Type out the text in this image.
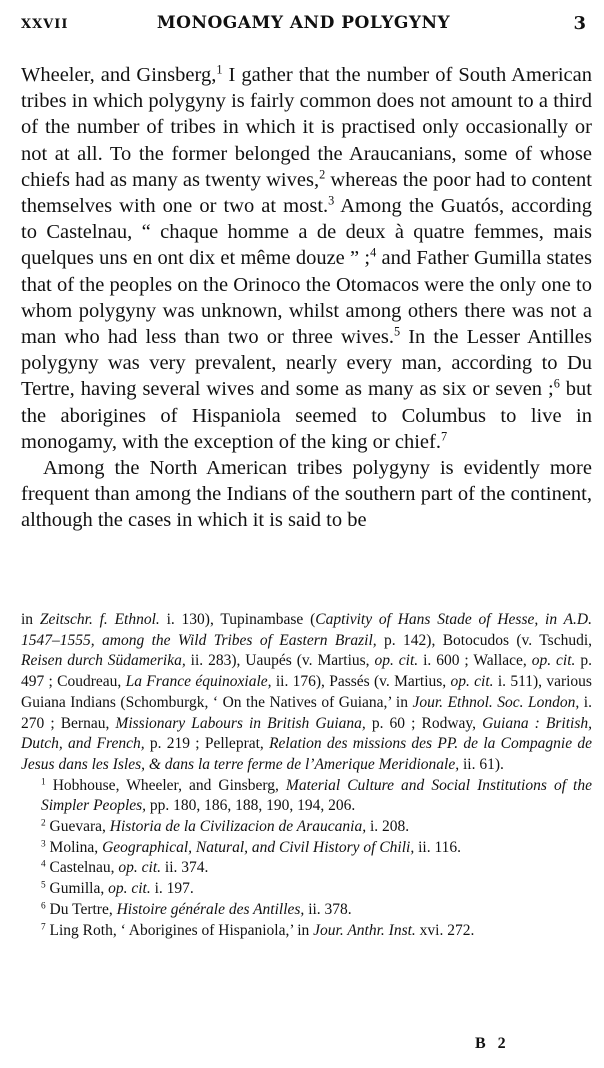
XXVII	MONOGAMY AND POLYGYNY	3

Wheeler, and Ginsberg,$^1$ I gather that the number of South American tribes in which polygyny is fairly common does not amount to a third of the number of tribes in which it is practised only occasionally or not at all. To the former belonged the Araucanians, some of whose chiefs had as many as twenty wives,$^2$ whereas the poor had to content themselves with one or two at most.$^3$ Among the Guatós, according to Castelnau, “ chaque homme a de deux à quatre femmes, mais quelques uns en ont dix et même douze ” ;$^4$ and Father Gumilla states that of the peoples on the Orinoco the Otomacos were the only one to whom polygyny was unknown, whilst among others there was not a man who had less than two or three wives.$^5$ In the Lesser Antilles polygyny was very prevalent, nearly every man, according to Du Tertre, having several wives and some as many as six or seven ;$^6$ but the aborigines of Hispaniola seemed to Columbus to live in monogamy, with the exception of the king or chief.$^7$

Among the North American tribes polygyny is evidently more frequent than among the Indians of the southern part of the continent, although the cases in which it is said to be

in Zeitschr. f. Ethnol. i. 130), Tupinambase (Captivity of Hans Stade of Hesse, in A.D. 1547–1555, among the Wild Tribes of Eastern Brazil, p. 142), Botocudos (v. Tschudi, Reisen durch Südamerika, ii. 283), Uaupés (v. Martius, op. cit. i. 600 ; Wallace, op. cit. p. 497 ; Coudreau, La France équinoxiale, ii. 176), Passés (v. Martius, op. cit. i. 511), various Guiana Indians (Schomburgk, ‘ On the Natives of Guiana,’ in Jour. Ethnol. Soc. London, i. 270 ; Bernau, Missionary Labours in British Guiana, p. 60 ; Rodway, Guiana : British, Dutch, and French, p. 219 ; Pelleprat, Relation des missions des PP. de la Compagnie de Jesus dans les Isles, & dans la terre ferme de l’Amerique Meridionale, ii. 61).

$^1$ Hobhouse, Wheeler, and Ginsberg, Material Culture and Social Institutions of the Simpler Peoples, pp. 180, 186, 188, 190, 194, 206.

$^2$ Guevara, Historia de la Civilizacion de Araucania, i. 208.

$^3$ Molina, Geographical, Natural, and Civil History of Chili, ii. 116.

$^4$ Castelnau, op. cit. ii. 374.

$^5$ Gumilla, op. cit. i. 197.

$^6$ Du Tertre, Histoire générale des Antilles, ii. 378.

$^7$ Ling Roth, ‘ Aborigines of Hispaniola,’ in Jour. Anthr. Inst. xvi. 272.

B 2
